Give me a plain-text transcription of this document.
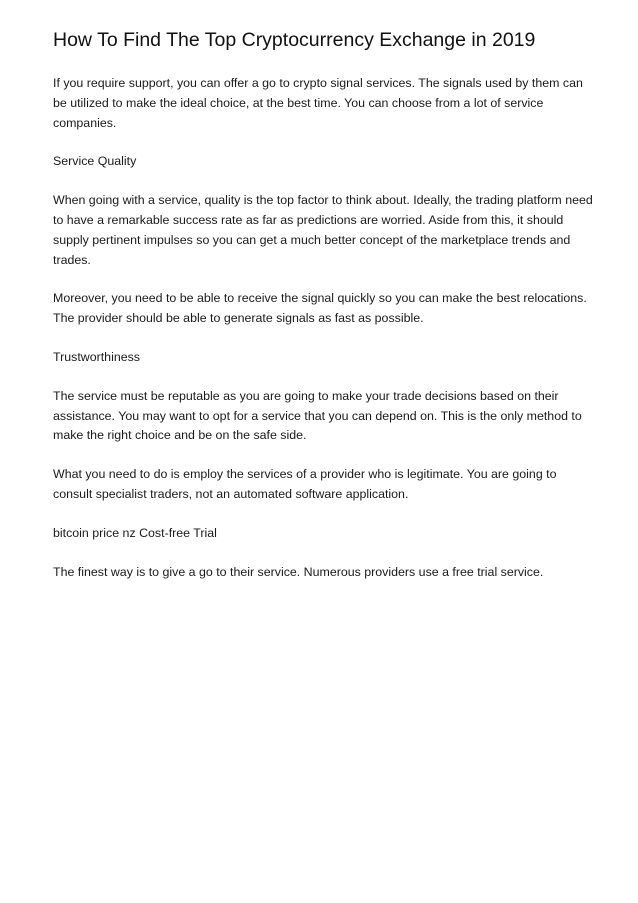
How To Find The Top Cryptocurrency Exchange in 2019

If you require support, you can offer a go to crypto signal services. The signals used by them can be utilized to make the ideal choice, at the best time. You can choose from a lot of service companies.

Service Quality

When going with a service, quality is the top factor to think about. Ideally, the trading platform need to have a remarkable success rate as far as predictions are worried. Aside from this, it should supply pertinent impulses so you can get a much better concept of the marketplace trends and trades.

Moreover, you need to be able to receive the signal quickly so you can make the best relocations. The provider should be able to generate signals as fast as possible.

Trustworthiness

The service must be reputable as you are going to make your trade decisions based on their assistance. You may want to opt for a service that you can depend on. This is the only method to make the right choice and be on the safe side.

What you need to do is employ the services of a provider who is legitimate. You are going to consult specialist traders, not an automated software application.

bitcoin price nz Cost-free Trial

The finest way is to give a go to their service. Numerous providers use a free trial service.
